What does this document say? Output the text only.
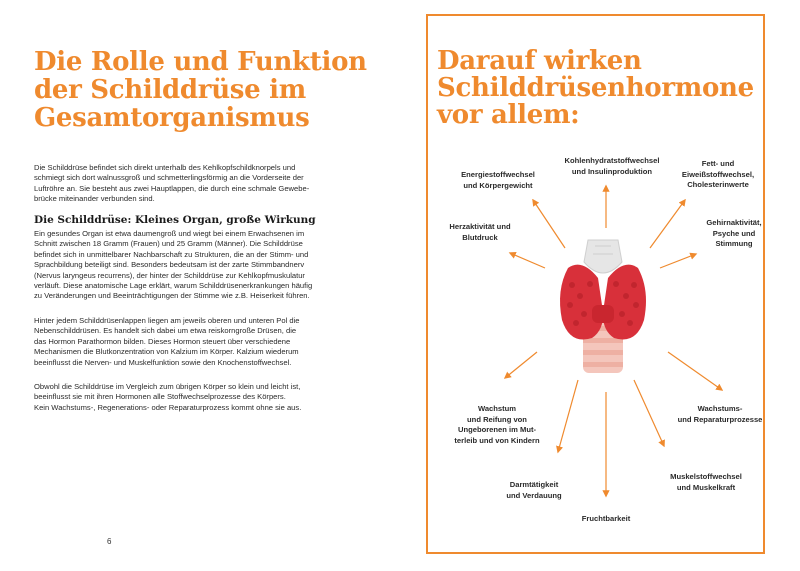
Die Rolle und Funktion
der Schilddrüse im
Gesamtorganismus

Die Schilddrüse befindet sich direkt unterhalb des Kehlkopfschildknorpels und

schmiegt sich dort walnussgroß und schmetterlingsförmig an die Vorderseite der

Luftröhre an. Sie besteht aus zwei Hauptlappen, die durch eine schmale Gewebe-

brücke miteinander verbunden sind.

Die Schilddrüse: Kleines Organ, große Wirkung

Ein gesundes Organ ist etwa daumengroß und wiegt bei einem Erwachsenen im

Schnitt zwischen 18 Gramm (Frauen) und 25 Gramm (Männer). Die Schilddrüse

befindet sich in unmittelbarer Nachbarschaft zu Strukturen, die an der Stimm- und

Sprachbildung beteiligt sind. Besonders bedeutsam ist der zarte Stimmbandnerv

(Nervus laryngeus recurrens), der hinter der Schilddrüse zur Kehlkopfmuskulatur

verläuft. Diese anatomische Lage erklärt, warum Schilddrüsenerkrankungen häufig

zu Veränderungen und Beeinträchtigungen der Stimme wie z.B. Heiserkeit führen.

Hinter jedem Schilddrüsenlappen liegen am jeweils oberen und unteren Pol die

Nebenschilddrüsen. Es handelt sich dabei um etwa reiskorngroße Drüsen, die

das Hormon Parathormon bilden. Dieses Hormon steuert über verschiedene

Mechanismen die Blutkonzentration von Kalzium im Körper. Kalzium wiederum

beeinflusst die Nerven- und Muskelfunktion sowie den Knochenstoffwechsel.

Obwohl die Schilddrüse im Vergleich zum übrigen Körper so klein und leicht ist,

beeinflusst sie mit ihren Hormonen alle Stoffwechselprozesse des Körpers.

Kein Wachstums-, Regenerations- oder Reparaturprozess kommt ohne sie aus.

6
Darauf wirken
Schilddrüsenhormone
vor allem:
Kohlenhydratstoffwechsel
und Insulinproduktion
Energiestoffwechsel
und Körpergewicht
Fett- und
Eiweißstoffwechsel,
Cholesterinwerte
Herzaktivität und
Blutdruck
Gehirnaktivität,
Psyche und
Stimmung
Wachstum
und Reifung von
Ungeborenen im Mut-
terleib und von Kindern
Wachstums-
und Reparaturprozesse
Darmtätigkeit
und Verdauung
Muskelstoffwechsel
und Muskelkraft
Fruchtbarkeit
